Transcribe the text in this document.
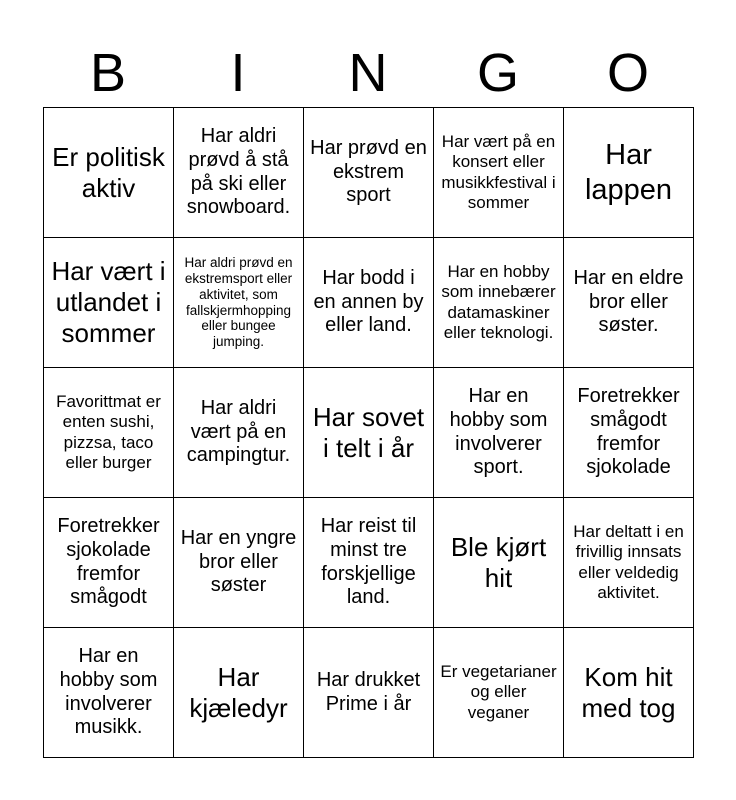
B	I	N	G	O
Er politisk aktiv	Har aldri prøvd å stå på ski eller snowboard.	Har prøvd en ekstrem sport	Har vært på en konsert eller musikkfestival i sommer	Har lappen
Har vært i utlandet i sommer	Har aldri prøvd en ekstremsport eller aktivitet, som fallskjermhopping eller bungee jumping.	Har bodd i en annen by eller land.	Har en hobby som innebærer datamaskiner eller teknologi.	Har en eldre bror eller søster.
Favorittmat er enten sushi, pizzsa, taco eller burger	Har aldri vært på en campingtur.	Har sovet i telt i år	Har en hobby som involverer sport.	Foretrekker smågodt fremfor sjokolade
Foretrekker sjokolade fremfor smågodt	Har en yngre bror eller søster	Har reist til minst tre forskjellige land.	Ble kjørt hit	Har deltatt i en frivillig innsats eller veldedig aktivitet.
Har en hobby som involverer musikk.	Har kjæledyr	Har drukket Prime i år	Er vegetarianer og eller veganer	Kom hit med tog
